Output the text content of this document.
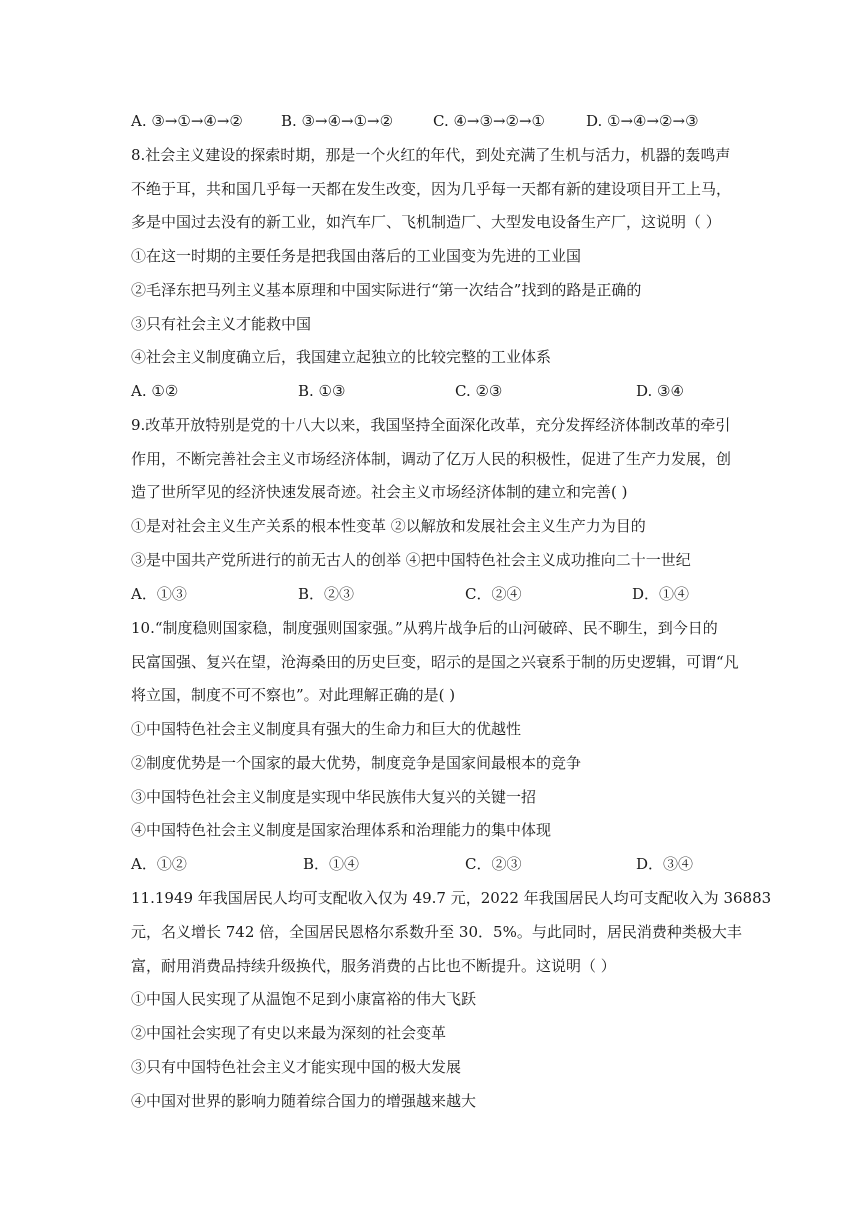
A. ③→①→④→②	B. ③→④→①→②	C. ④→③→②→①	D. ①→④→②→③
8.社会主义建设的探索时期，那是一个火红的年代，到处充满了生机与活力，机器的轰鸣声
不绝于耳，共和国几乎每一天都在发生改变，因为几乎每一天都有新的建设项目开工上马，
多是中国过去没有的新工业，如汽车厂、飞机制造厂、大型发电设备生产厂，这说明（ ）
①在这一时期的主要任务是把我国由落后的工业国变为先进的工业国
②毛泽东把马列主义基本原理和中国实际进行“第一次结合”找到的路是正确的
③只有社会主义才能救中国
④社会主义制度确立后，我国建立起独立的比较完整的工业体系
A. ①②	B. ①③	C. ②③	D. ③④
9.改革开放特别是党的十八大以来，我国坚持全面深化改革，充分发挥经济体制改革的牵引
作用，不断完善社会主义市场经济体制，调动了亿万人民的积极性，促进了生产力发展，创
造了世所罕见的经济快速发展奇迹。社会主义市场经济体制的建立和完善( )
①是对社会主义生产关系的根本性变革 ②以解放和发展社会主义生产力为目的
③是中国共产党所进行的前无古人的创举 ④把中国特色社会主义成功推向二十一世纪
A．①③	B．②③	C．②④	D．①④
10.“制度稳则国家稳，制度强则国家强。”从鸦片战争后的山河破碎、民不聊生，到今日的
民富国强、复兴在望，沧海桑田的历史巨变，昭示的是国之兴衰系于制的历史逻辑，可谓“凡
将立国，制度不可不察也”。对此理解正确的是( )
①中国特色社会主义制度具有强大的生命力和巨大的优越性
②制度优势是一个国家的最大优势，制度竞争是国家间最根本的竞争
③中国特色社会主义制度是实现中华民族伟大复兴的关键一招
④中国特色社会主义制度是国家治理体系和治理能力的集中体现
A．①②	B．①④	C．②③	D．③④
11.1949 年我国居民人均可支配收入仅为 49.7 元，2022 年我国居民人均可支配收入为 36883
元，名义增长 742 倍，全国居民恩格尔系数升至 30．5%。与此同时，居民消费种类极大丰
富，耐用消费品持续升级换代，服务消费的占比也不断提升。这说明（ ）
①中国人民实现了从温饱不足到小康富裕的伟大飞跃
②中国社会实现了有史以来最为深刻的社会变革
③只有中国特色社会主义才能实现中国的极大发展
④中国对世界的影响力随着综合国力的增强越来越大
